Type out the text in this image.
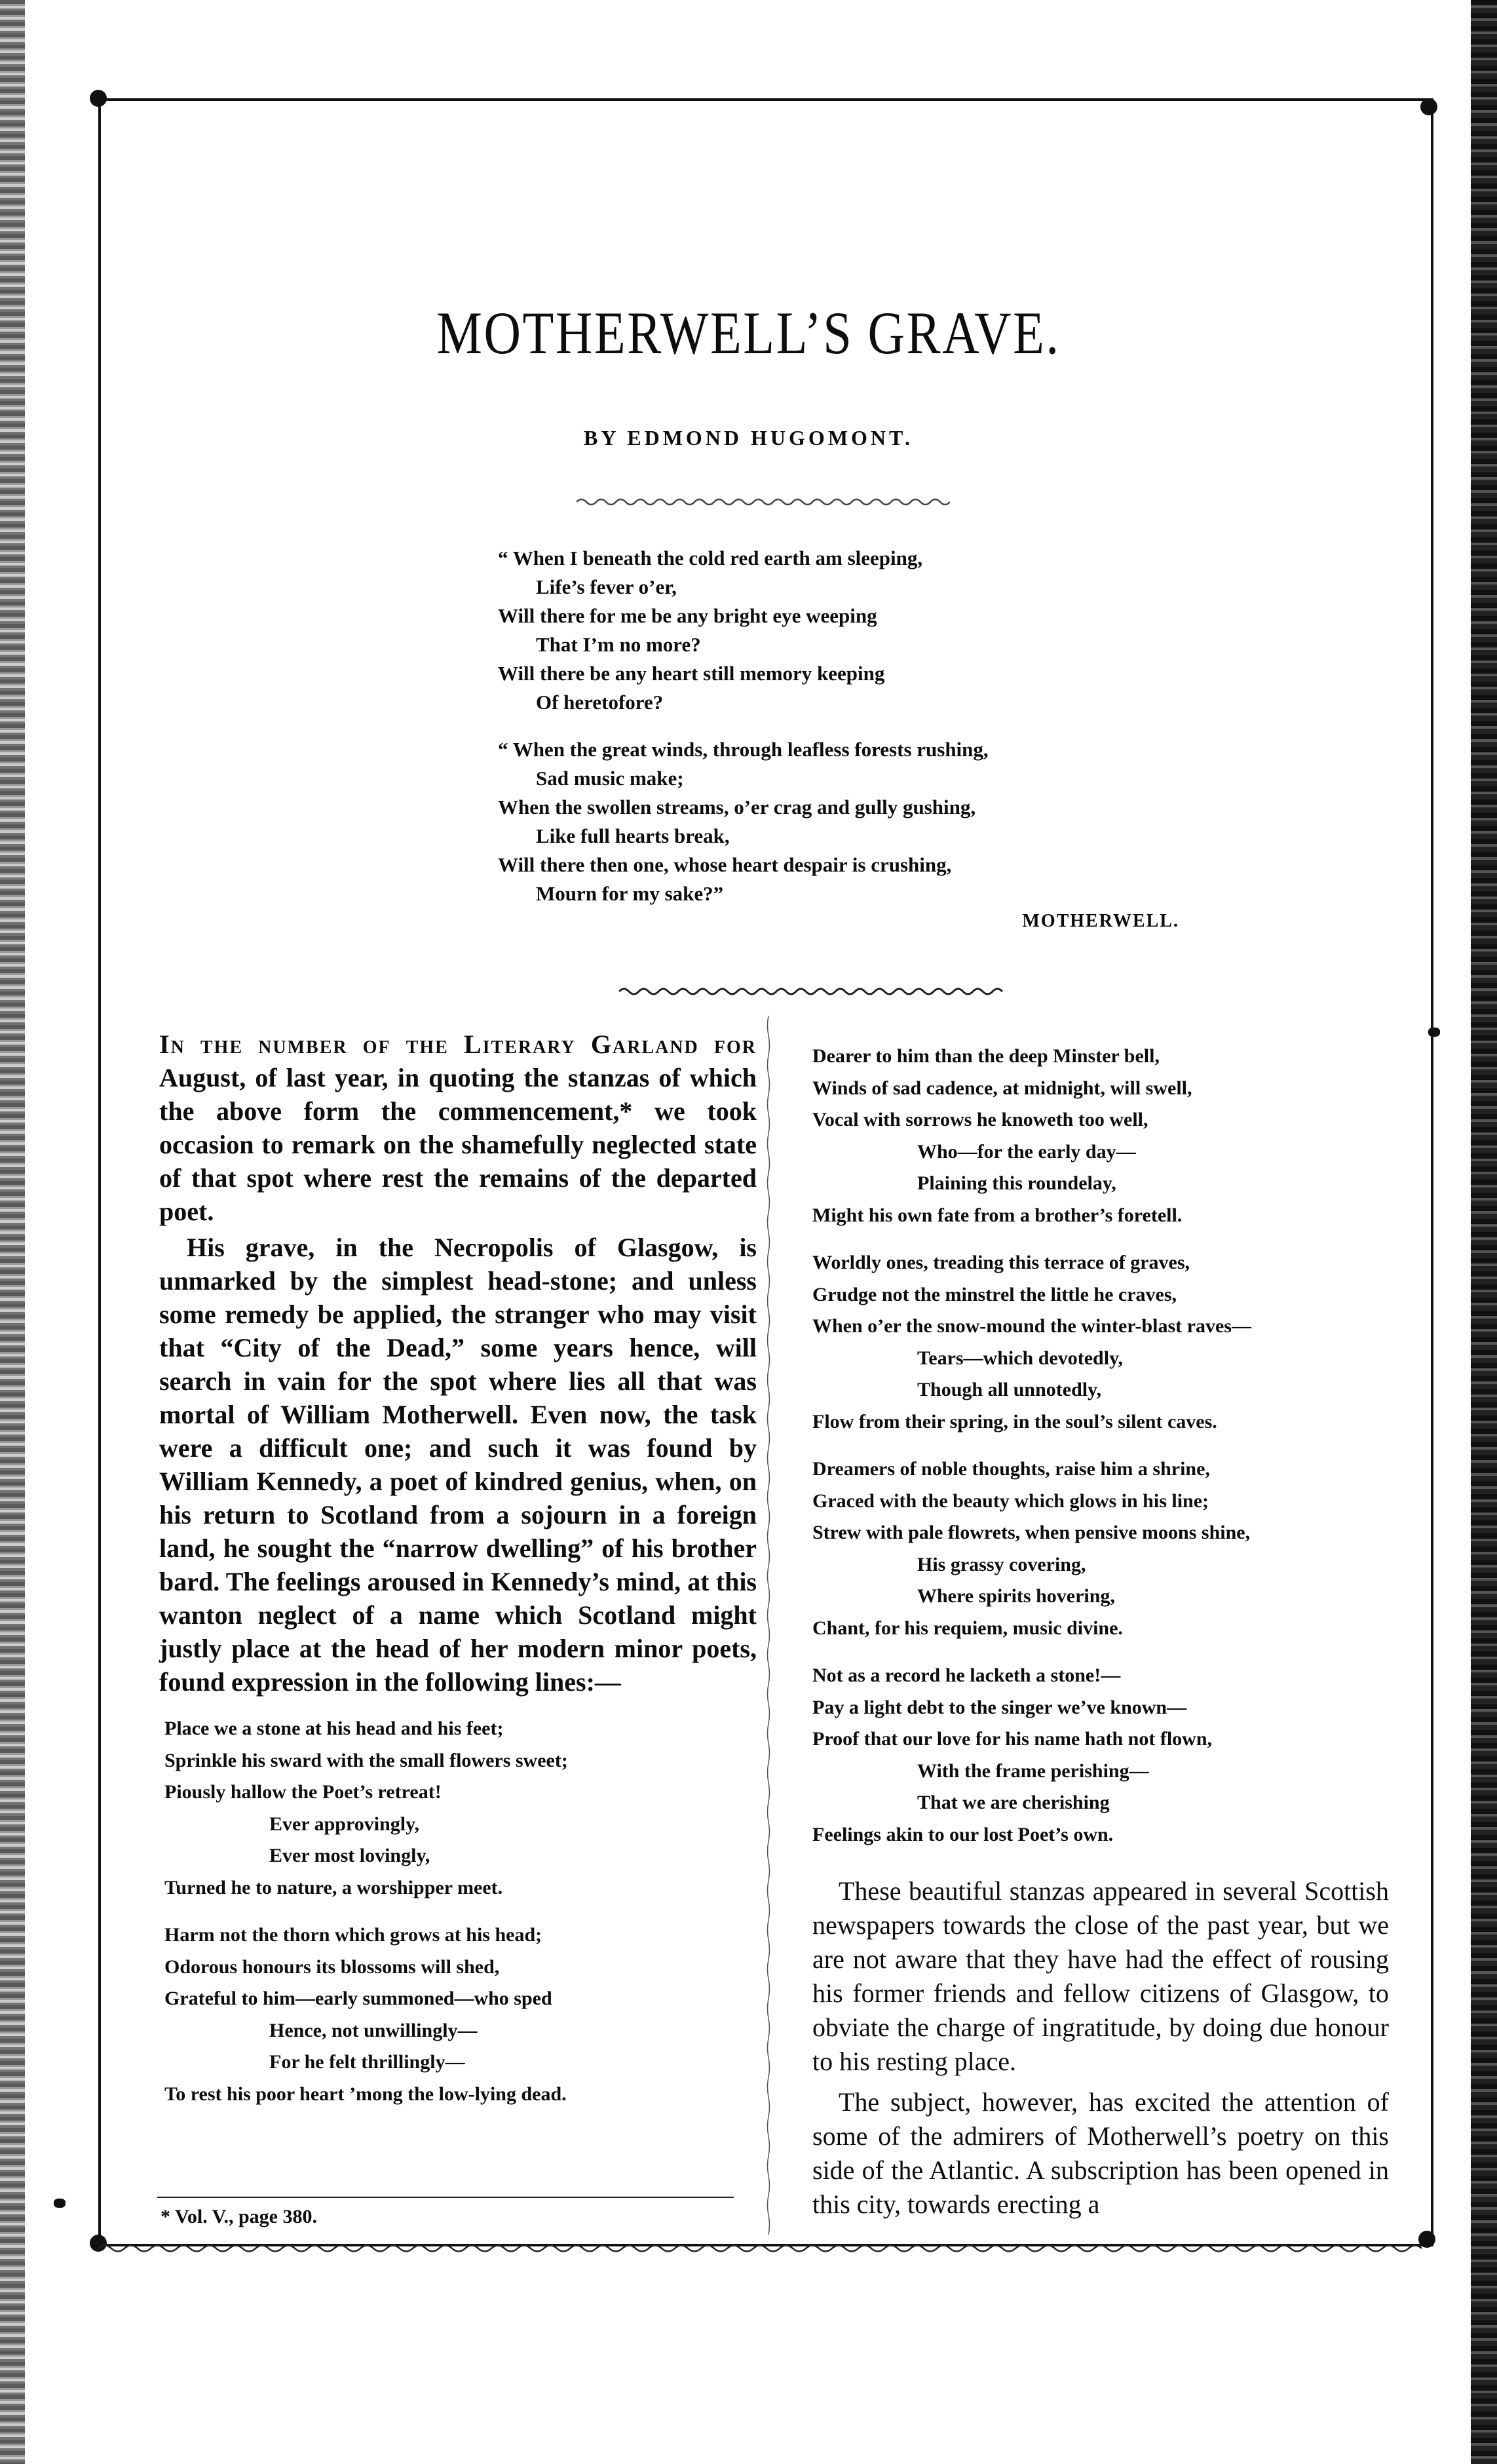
MOTHERWELL’S GRAVE.
BY EDMOND HUGOMONT.
“ When I beneath the cold red earth am sleeping,
Life’s fever o’er,
Will there for me be any bright eye weeping
That I’m no more?
Will there be any heart still memory keeping
Of heretofore?
“ When the great winds, through leafless forests rushing,
Sad music make;
When the swollen streams, o’er crag and gully gushing,
Like full hearts break,
Will there then one, whose heart despair is crushing,
Mourn for my sake?”
MOTHERWELL.

In the number of the Literary Garland for August, of last year, in quoting the stanzas of which the above form the commencement,* we took occasion to remark on the shamefully neglected state of that spot where rest the remains of the departed poet.

His grave, in the Necropolis of Glasgow, is unmarked by the simplest head-stone; and unless some remedy be applied, the stranger who may visit that “City of the Dead,” some years hence, will search in vain for the spot where lies all that was mortal of William Motherwell. Even now, the task were a difficult one; and such it was found by William Kennedy, a poet of kindred genius, when, on his return to Scotland from a sojourn in a foreign land, he sought the “narrow dwelling” of his brother bard. The feelings aroused in Kennedy’s mind, at this wanton neglect of a name which Scotland might justly place at the head of her modern minor poets, found expression in the following lines:—

Place we a stone at his head and his feet;
Sprinkle his sward with the small flowers sweet;
Piously hallow the Poet’s retreat!
Ever approvingly,
Ever most lovingly,
Turned he to nature, a worshipper meet.
Harm not the thorn which grows at his head;
Odorous honours its blossoms will shed,
Grateful to him—early summoned—who sped
Hence, not unwillingly—
For he felt thrillingly—
To rest his poor heart ’mong the low-lying dead.
Dearer to him than the deep Minster bell,
Winds of sad cadence, at midnight, will swell,
Vocal with sorrows he knoweth too well,
Who—for the early day—
Plaining this roundelay,
Might his own fate from a brother’s foretell.
Worldly ones, treading this terrace of graves,
Grudge not the minstrel the little he craves,
When o’er the snow-mound the winter-blast raves—
Tears—which devotedly,
Though all unnotedly,
Flow from their spring, in the soul’s silent caves.
Dreamers of noble thoughts, raise him a shrine,
Graced with the beauty which glows in his line;
Strew with pale flowrets, when pensive moons shine,
His grassy covering,
Where spirits hovering,
Chant, for his requiem, music divine.
Not as a record he lacketh a stone!—
Pay a light debt to the singer we’ve known—
Proof that our love for his name hath not flown,
With the frame perishing—
That we are cherishing
Feelings akin to our lost Poet’s own.

These beautiful stanzas appeared in several Scottish newspapers towards the close of the past year, but we are not aware that they have had the effect of rousing his former friends and fellow citizens of Glasgow, to obviate the charge of ingratitude, by doing due honour to his resting place.

The subject, however, has excited the attention of some of the admirers of Motherwell’s poetry on this side of the Atlantic. A subscription has been opened in this city, towards erecting a

* Vol. V., page 380.
